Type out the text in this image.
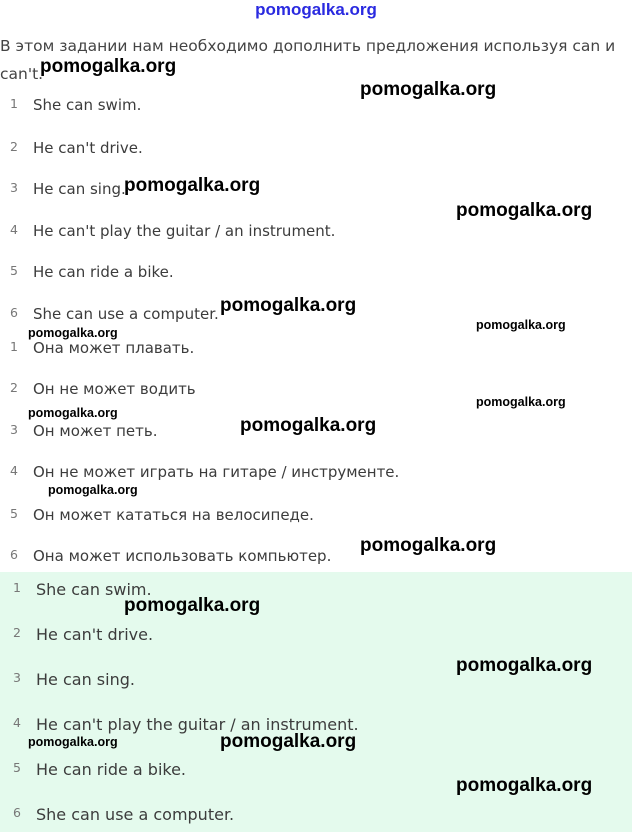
pomogalka.org
В этом задании нам необходимо дополнить предложения используя can и can't.
1	She can swim.
2	He can't drive.
3	He can sing.
4	He can't play the guitar / an instrument.
5	He can ride a bike.
6	She can use a computer.
1	Она может плавать.
2	Он не может водить
3	Он может петь.
4	Он не может играть на гитаре / инструменте.
5	Он может кататься на велосипеде.
6	Она может использовать компьютер.
1 She can swim.
2 He can't drive.
3 He can sing.
4 He can't play the guitar / an instrument.
5 He can ride a bike.
6 She can use a computer.
pomogalka.org
pomogalka.org
pomogalka.org
pomogalka.org
pomogalka.org
pomogalka.org
pomogalka.org
pomogalka.org
pomogalka.org
pomogalka.org
pomogalka.org
pomogalka.org
pomogalka.org
pomogalka.org
pomogalka.org	pomogalka.org
pomogalka.org
